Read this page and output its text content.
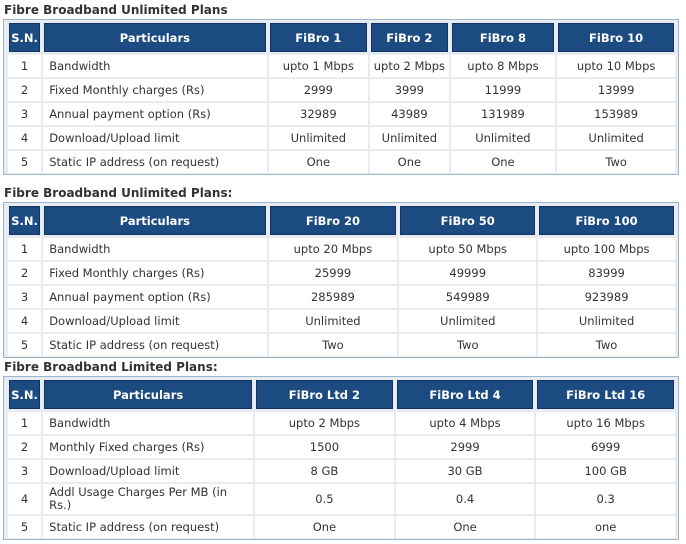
Fibre Broadband Unlimited Plans
S.N.	Particulars	FiBro 1	FiBro 2	FiBro 8	FiBro 10
1	Bandwidth	upto 1 Mbps	upto 2 Mbps	upto 8 Mbps	upto 10 Mbps
2	Fixed Monthly charges (Rs)	2999	3999	11999	13999
3	Annual payment option (Rs)	32989	43989	131989	153989
4	Download/Upload limit	Unlimited	Unlimited	Unlimited	Unlimited
5	Static IP address (on request)	One	One	One	Two
Fibre Broadband Unlimited Plans:
S.N.	Particulars	FiBro 20	FiBro 50	FiBro 100
1	Bandwidth	upto 20 Mbps	upto 50 Mbps	upto 100 Mbps
2	Fixed Monthly charges (Rs)	25999	49999	83999
3	Annual payment option (Rs)	285989	549989	923989
4	Download/Upload limit	Unlimited	Unlimited	Unlimited
5	Static IP address (on request)	Two	Two	Two
Fibre Broadband Limited Plans:
S.N.	Particulars	FiBro Ltd 2	FiBro Ltd 4	FiBro Ltd 16
1	Bandwidth	upto 2 Mbps	upto 4 Mbps	upto 16 Mbps
2	Monthly Fixed charges (Rs)	1500	2999	6999
3	Download/Upload limit	8 GB	30 GB	100 GB
4	Addl Usage Charges Per MB (in Rs.)	0.5	0.4	0.3
5	Static IP address (on request)	One	One	one
